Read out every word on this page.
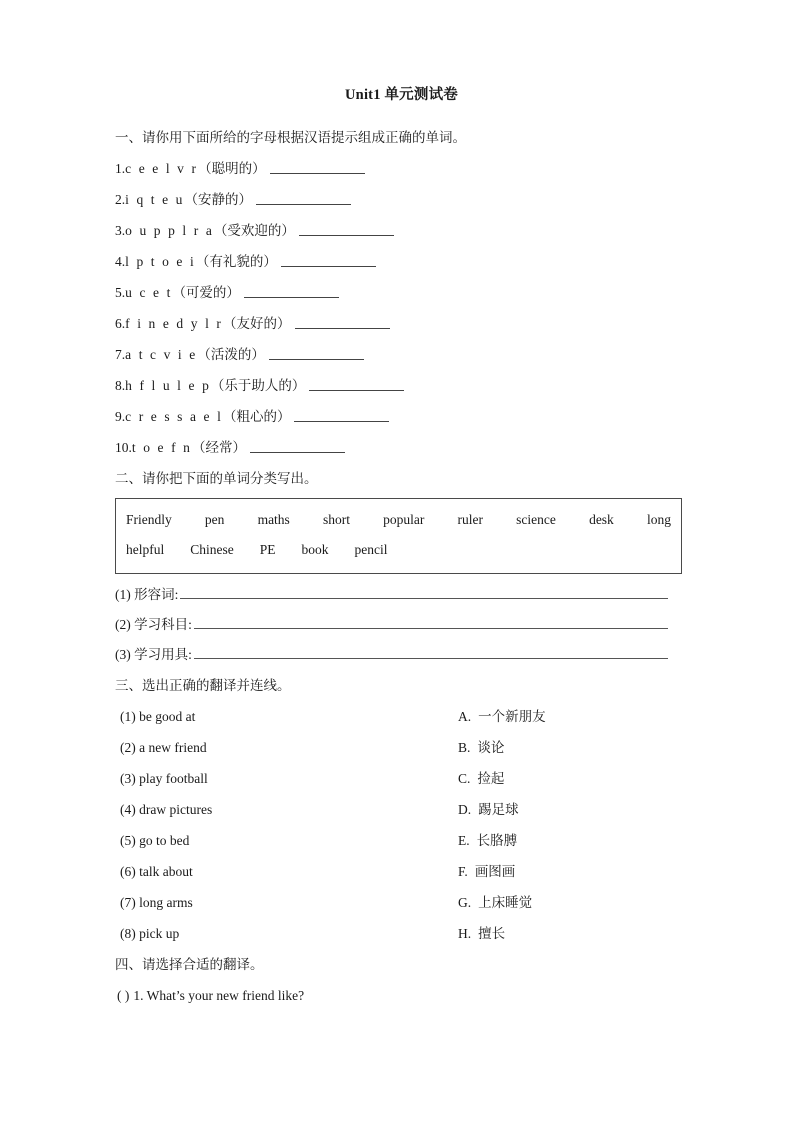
Unit1 单元测试卷
一、请你用下面所给的字母根据汉语提示组成正确的单词。
1.c e e l v r（聪明的）
2.i q t e u（安静的）
3.o u p p l r a（受欢迎的）
4.l p t o e i（有礼貌的）
5.u c e t（可爱的）
6.f i n e d y l r（友好的）
7.a t c v i e（活泼的）
8.h f l u l e p（乐于助人的）
9.c r e s s a e l（粗心的）
10.t o e f n（经常）
二、请你把下面的单词分类写出。
Friendly pen maths short popular ruler science desk long
helpful Chinese PE book pencil
(1) 形容词:
(2) 学习科目:
(3) 学习用具:
三、选出正确的翻译并连线。
(1) be good at	A. 一个新朋友
(2) a new friend	B. 谈论
(3) play football	C. 捡起
(4) draw pictures	D. 踢足球
(5) go to bed	E. 长胳膊
(6) talk about	F. 画图画
(7) long arms	G. 上床睡觉
(8) pick up	H. 擅长
四、请选择合适的翻译。
( ) 1. What’s your new friend like?
